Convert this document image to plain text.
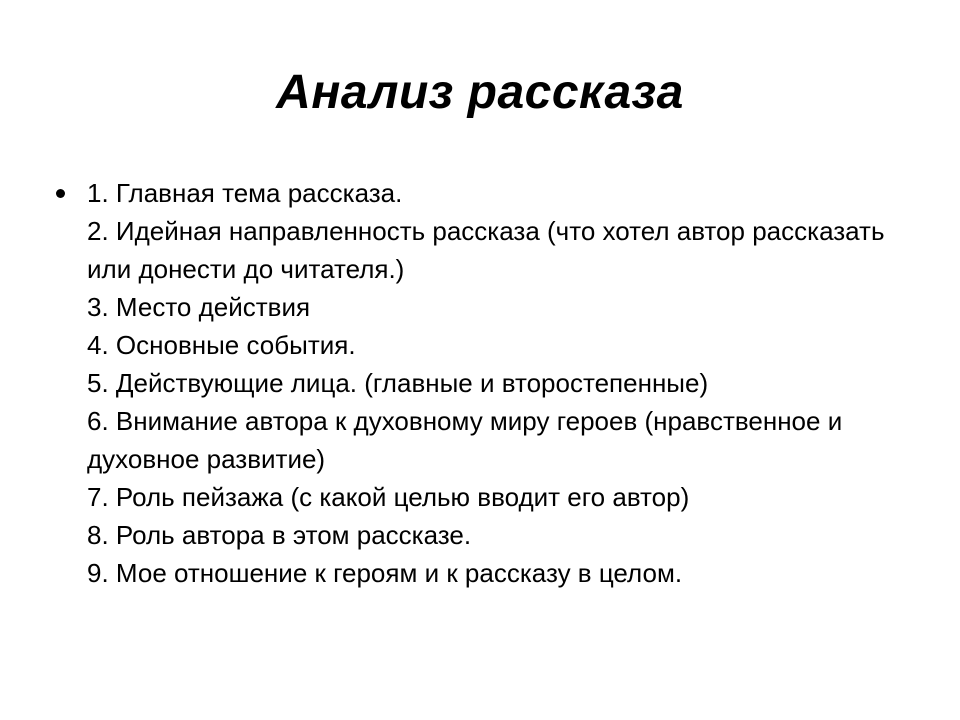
Анализ рассказа
1. Главная тема рассказа.
2. Идейная направленность рассказа (что хотел автор рассказать или донести до читателя.)
3. Место действия
4. Основные события.
5. Действующие лица. (главные и второстепенные)
6. Внимание автора к духовному миру героев (нравственное и духовное развитие)
7. Роль пейзажа (с какой целью вводит его автор)
8. Роль автора в этом рассказе.
9. Мое отношение к героям и к рассказу в целом.
